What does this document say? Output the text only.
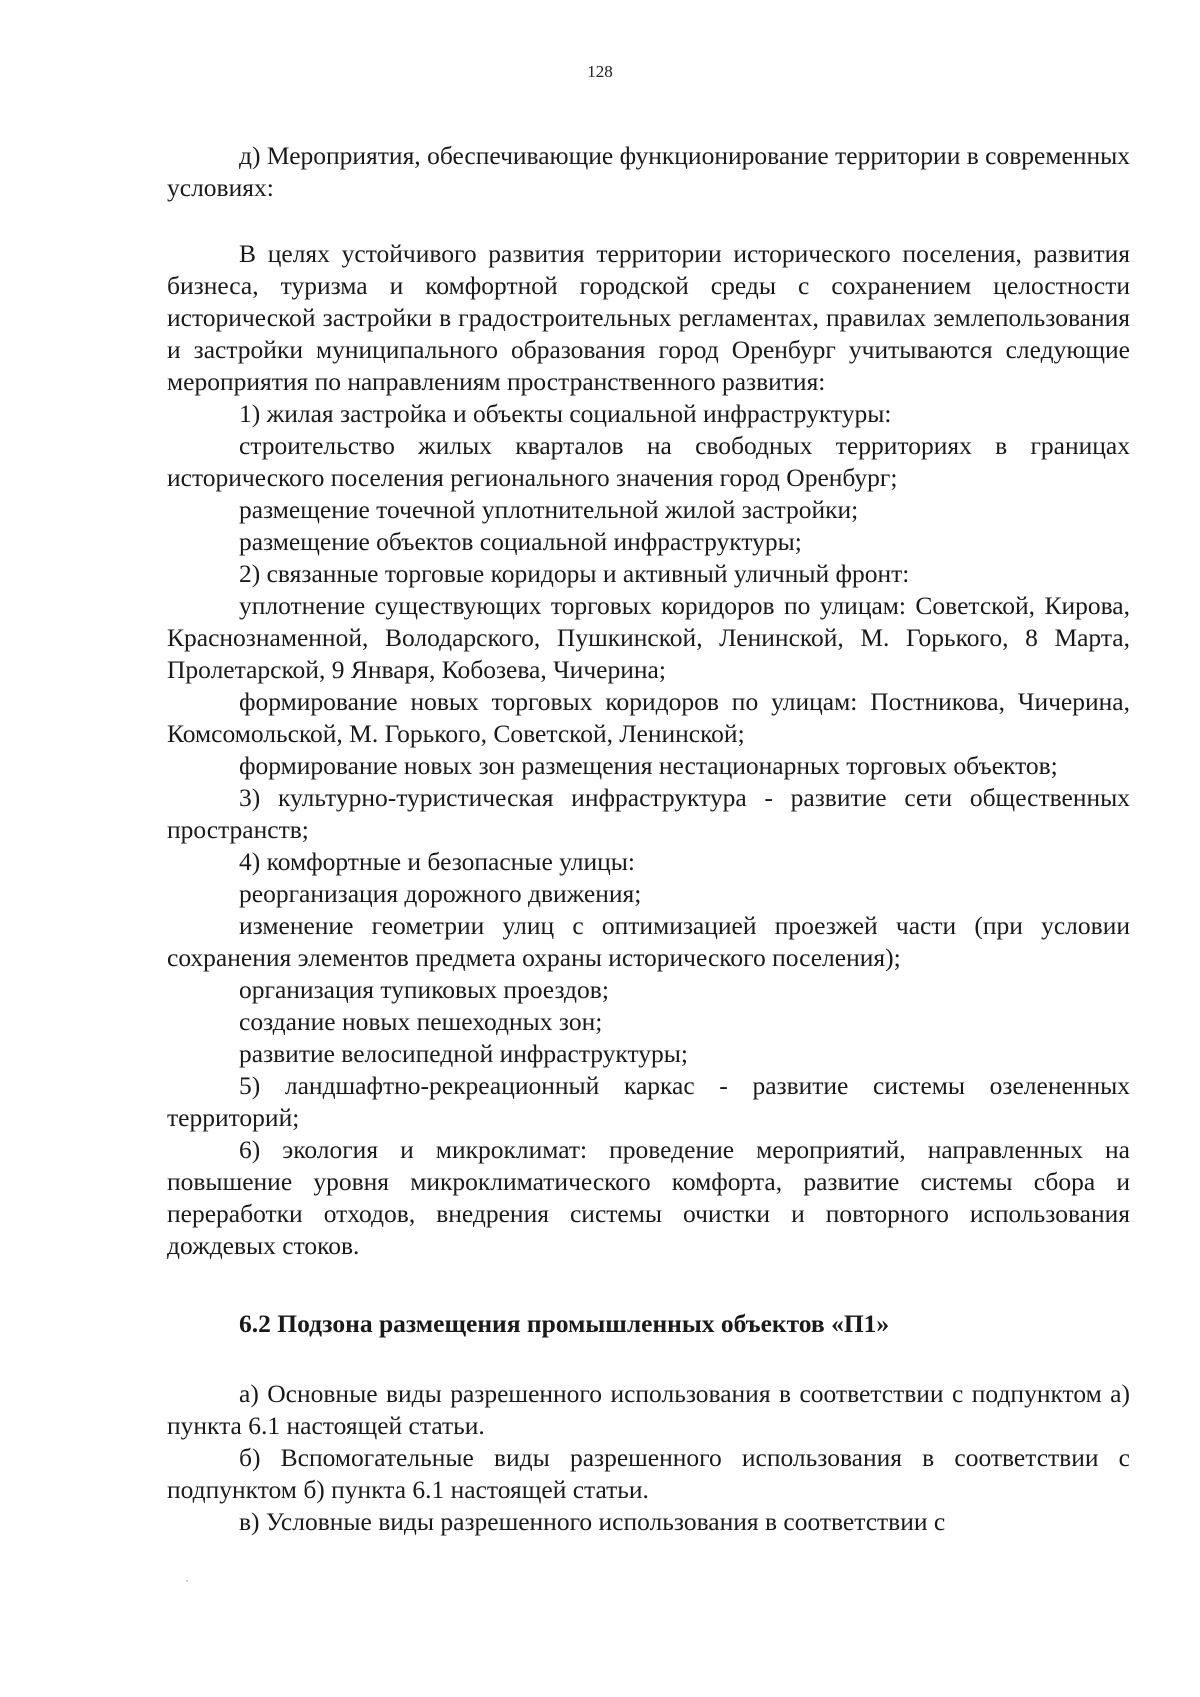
128

д) Мероприятия, обеспечивающие функционирование территории в современных условиях:

В целях устойчивого развития территории исторического поселения, развития бизнеса, туризма и комфортной городской среды с сохранением целостности исторической застройки в градостроительных регламентах, правилах землепользования и застройки муниципального образования город Оренбург учитываются следующие мероприятия по направлениям пространственного развития:

1) жилая застройка и объекты социальной инфраструктуры:

строительство жилых кварталов на свободных территориях в границах исторического поселения регионального значения город Оренбург;

размещение точечной уплотнительной жилой застройки;

размещение объектов социальной инфраструктуры;

2) связанные торговые коридоры и активный уличный фронт:

уплотнение существующих торговых коридоров по улицам: Советской, Кирова, Краснознаменной, Володарского, Пушкинской, Ленинской, М. Горького, 8 Марта, Пролетарской, 9 Января, Кобозева, Чичерина;

формирование новых торговых коридоров по улицам: Постникова, Чичерина, Комсомольской, М. Горького, Советской, Ленинской;

формирование новых зон размещения нестационарных торговых объектов;

3) культурно-туристическая инфраструктура - развитие сети общественных пространств;

4) комфортные и безопасные улицы:

реорганизация дорожного движения;

изменение геометрии улиц с оптимизацией проезжей части (при условии сохранения элементов предмета охраны исторического поселения);

организация тупиковых проездов;

создание новых пешеходных зон;

развитие велосипедной инфраструктуры;

5) ландшафтно-рекреационный каркас - развитие системы озелененных территорий;

6) экология и микроклимат: проведение мероприятий, направленных на повышение уровня микроклиматического комфорта, развитие системы сбора и переработки отходов, внедрения системы очистки и повторного использования дождевых стоков.

6.2 Подзона размещения промышленных объектов «П1»

а) Основные виды разрешенного использования в соответствии с подпунктом а) пункта 6.1 настоящей статьи.

б) Вспомогательные виды разрешенного использования в соответствии с подпунктом б) пункта 6.1 настоящей статьи.

в) Условные виды разрешенного использования в соответствии с
